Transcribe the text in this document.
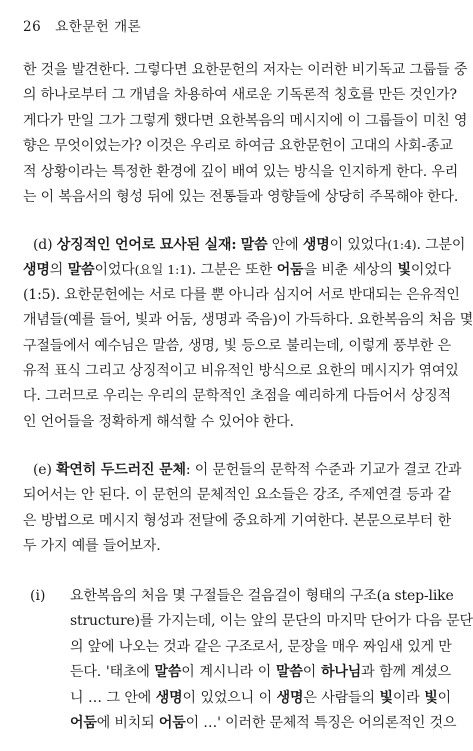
26 요한문헌 개론
한 것을 발견한다. 그렇다면 요한문헌의 저자는 이러한 비기독교 그룹들 중
의 하나로부터 그 개념을 차용하여 새로운 기독론적 칭호를 만든 것인가?
게다가 만일 그가 그렇게 했다면 요한복음의 메시지에 이 그룹들이 미친 영
향은 무엇이었는가? 이것은 우리로 하여금 요한문헌이 고대의 사회-종교
적 상황이라는 특정한 환경에 깊이 배여 있는 방식을 인지하게 한다. 우리
는 이 복음서의 형성 뒤에 있는 전통들과 영향들에 상당히 주목해야 한다.
(d) 상징적인 언어로 묘사된 실재: 말씀 안에 생명이 있었다(1:4). 그분이
생명의 말씀이었다(요일 1:1). 그분은 또한 어둠을 비춘 세상의 빛이었다
(1:5). 요한문헌에는 서로 다를 뿐 아니라 심지어 서로 반대되는 은유적인
개념들(예를 들어, 빛과 어둠, 생명과 죽음)이 가득하다. 요한복음의 처음 몇
구절들에서 예수님은 말씀, 생명, 빛 등으로 불리는데, 이렇게 풍부한 은
유적 표식 그리고 상징적이고 비유적인 방식으로 요한의 메시지가 엮여있
다. 그러므로 우리는 우리의 문학적인 초점을 예리하게 다듬어서 상징적
인 언어들을 정확하게 해석할 수 있어야 한다.
(e) 확연히 두드러진 문체: 이 문헌들의 문학적 수준과 기교가 결코 간과
되어서는 안 된다. 이 문헌의 문체적인 요소들은 강조, 주제연결 등과 같
은 방법으로 메시지 형성과 전달에 중요하게 기여한다. 본문으로부터 한
두 가지 예를 들어보자.
(i) 요한복음의 처음 몇 구절들은 걸음걸이 형태의 구조(a step-like
structure)를 가지는데, 이는 앞의 문단의 마지막 단어가 다음 문단
의 앞에 나오는 것과 같은 구조로서, 문장을 매우 짜임새 있게 만
든다. '태초에 말씀이 계시니라 이 말씀이 하나님과 함께 계셨으
니 … 그 안에 생명이 있었으니 이 생명은 사람들의 빛이라 빛이
어둠에 비치되 어둠이 …' 이러한 문체적 특징은 어의론적인 것으
